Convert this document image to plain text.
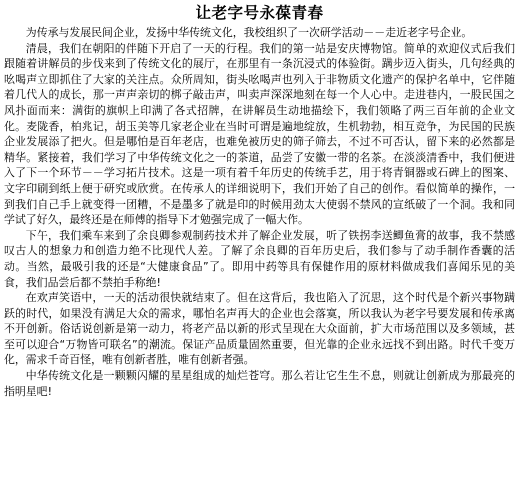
让老字号永葆青春

为传承与发展民间企业，发扬中华传统文化，我校组织了一次研学活动－－走近老字号企业。

清晨，我们在朝阳的伴随下开启了一天的行程。我们的第一站是安庆博物馆。简单的欢迎仪式后我们跟随着讲解员的步伐来到了传统文化的展厅，在那里有一条沉浸式的体验街。蹒步迈入街头，几句经典的吆喝声立即抓住了大家的关注点。众所周知，街头吆喝声也列入于非物质文化遗产的保护名单中，它伴随着几代人的成长，那一声声亲切的梆子敲击声，叫卖声深深地刻在每一个人心中。走进巷内，一股民国之风扑面而来：满街的旗帜上印满了各式招牌，在讲解员生动地描绘下，我们领略了两三百年前的企业文化。麦陇香，柏兆记，胡玉美等几家老企业在当时可谓是遍地绽放，生机勃勃，相互竞争，为民国的民族企业发展添了把火。但是哪怕是百年老店，也难免被历史的筛子筛去，不过不可否认，留下来的必然都是精华。紧接着，我们学习了中华传统文化之一的茶道，品尝了安徽一带的名茶。在淡淡清香中，我们便进入了下一个环节－－学习拓片技术。这是一项有着千年历史的传统手艺，用于将青铜器或石碑上的图案、文字印刷到纸上便于研究或欣赏。在传承人的详细说明下，我们开始了自己的创作。看似简单的操作，一到我们自己手上就变得一团糟，不是墨多了就是印的时候用劲太大使弱不禁风的宣纸破了一个洞。我和同学试了好久，最终还是在师傅的指导下才勉强完成了一幅大作。

下午，我们乘车来到了余良卿参观制药技术并了解企业发展，听了铁拐李送鲫鱼膏的故事，我不禁感叹古人的想象力和创造力绝不比现代人差。了解了余良卿的百年历史后，我们参与了动手制作香囊的活动。当然，最吸引我的还是“大健康食品”了。即用中药等具有保健作用的原材料做成我们喜闻乐见的美食，我们品尝后都不禁拍手称绝!

在欢声笑语中，一天的活动很快就结束了。但在这背后，我也陷入了沉思，这个时代是个新兴事物蹒跃的时代，如果没有满足大众的需求，哪怕名声再大的企业也会落寞，所以我认为老字号要发展和传承离不开创新。俗话说创新是第一动力，将老产品以新的形式呈现在大众面前，扩大市场范围以及多领域，甚至可以迎合“万物皆可联名”的潮流。保证产品质量固然重要，但光靠的企业永远找不到出路。时代千变万化，需求千奇百怪，唯有创新者胜，唯有创新者强。

中华传统文化是一颗颗闪耀的星星组成的灿烂苍穹。那么若让它生生不息，则就让创新成为那最亮的指明星吧!
